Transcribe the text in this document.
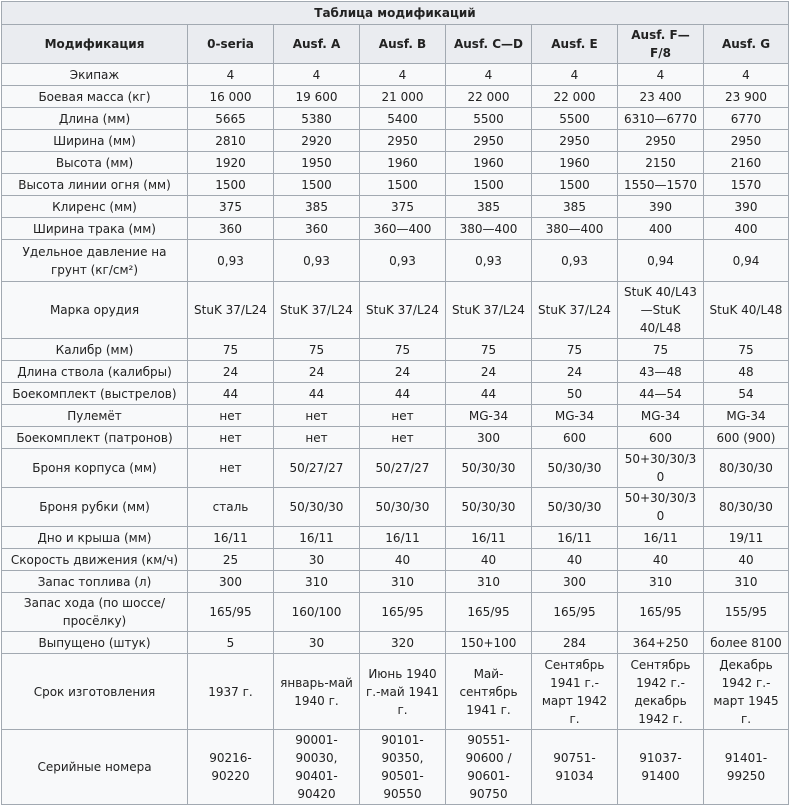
Таблица модификаций
Модификация	0-seria	Ausf. A	Ausf. B	Ausf. C—D	Ausf. E	Ausf. F—F/8	Ausf. G
Экипаж	4	4	4	4	4	4	4
Боевая масса (кг)	16 000	19 600	21 000	22 000	22 000	23 400	23 900
Длина (мм)	5665	5380	5400	5500	5500	6310—6770	6770
Ширина (мм)	2810	2920	2950	2950	2950	2950	2950
Высота (мм)	1920	1950	1960	1960	1960	2150	2160
Высота линии огня (мм)	1500	1500	1500	1500	1500	1550—1570	1570
Клиренс (мм)	375	385	375	385	385	390	390
Ширина трака (мм)	360	360	360—400	380—400	380—400	400	400
Удельное давление на грунт (кг/см²)	0,93	0,93	0,93	0,93	0,93	0,94	0,94
Марка орудия	StuK 37/L24	StuK 37/L24	StuK 37/L24	StuK 37/L24	StuK 37/L24	StuK 40/L43—StuK 40/L48	StuK 40/L48
Калибр (мм)	75	75	75	75	75	75	75
Длина ствола (калибры)	24	24	24	24	24	43—48	48
Боекомплект (выстрелов)	44	44	44	44	50	44—54	54
Пулемёт	нет	нет	нет	MG-34	MG-34	MG-34	MG-34
Боекомплект (патронов)	нет	нет	нет	300	600	600	600 (900)
Броня корпуса (мм)	нет	50/27/27	50/27/27	50/30/30	50/30/30	50+30/30/30	80/30/30
Броня рубки (мм)	сталь	50/30/30	50/30/30	50/30/30	50/30/30	50+30/30/30	80/30/30
Дно и крыша (мм)	16/11	16/11	16/11	16/11	16/11	16/11	19/11
Скорость движения (км/ч)	25	30	40	40	40	40	40
Запас топлива (л)	300	310	310	310	300	310	310
Запас хода (по шоссе/просёлку)	165/95	160/100	165/95	165/95	165/95	165/95	155/95
Выпущено (штук)	5	30	320	150+100	284	364+250	более 8100
Срок изготовления	1937 г.	январь-май 1940 г.	Июнь 1940 г.-май 1941 г.	Май-сентябрь 1941 г.	Сентябрь 1941 г.-март 1942 г.	Сентябрь 1942 г.-декабрь 1942 г.	Декабрь 1942 г.-март 1945 г.
Серийные номера	90216-90220	90001-90030, 90401-90420	90101-90350, 90501-90550	90551-90600 / 90601-90750	90751-91034	91037-91400	91401-99250
